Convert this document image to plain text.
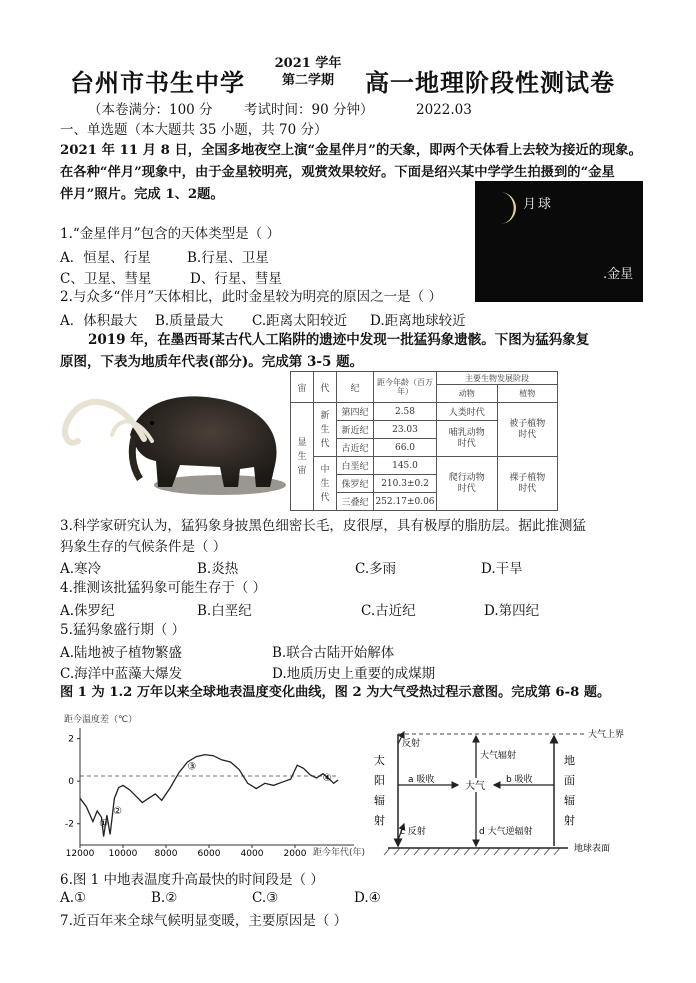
台州市书生中学
2021 学年
第二学期	高一地理阶段性测试卷
（本卷满分：100 分 考试时间：90 分钟）	2022.03
一、单选题（本大题共 35 小题，共 70 分）
2021 年 11 月 8 日，全国多地夜空上演“金星伴月”的天象，即两个天体看上去较为接近的现象。
在各种“伴月”现象中，由于金星较明亮，观赏效果较好。下面是绍兴某中学学生拍摄到的“金星
伴月”照片。完成 1、2题。
月球
.金星
1.“金星伴月”包含的天体类型是（ ）
A．恒星、行星	B.行星、卫星
C、卫星、彗星	D、行星、彗星
2.与众多“伴月”天体相比，此时金星较为明亮的原因之一是（ ）
A．体积最大 B.质量最大 C.距离太阳较近 D.距离地球较近
2019 年，在墨西哥某古代人工陷阱的遗迹中发现一批猛犸象遗骸。下图为猛犸象复
原图，下表为地质年代表(部分)。完成第 3-5 题。
宙	代	纪	距今年龄（百万年）	主要生物发展阶段	
				动物	植物

显生宙	新生代	第四纪	2.58	人类时代	被子植物时代

		新近纪	23.03	哺乳动物时代	

		古近纪	66.0		

	中生代	白垩纪	145.0	爬行动物时代	裸子植物时代

		侏罗纪	210.3±0.2		
		三叠纪	252.17±0.06		
3.科学家研究认为，猛犸象身披黑色细密长毛，皮很厚，具有极厚的脂肪层。据此推测猛
犸象生存的气候条件是（ ）
A.寒冷	B.炎热	C.多雨	D.干旱
4.推测该批猛犸象可能生存于（ ）
A.侏罗纪	B.白垩纪	C.古近纪	D.第四纪
5.猛犸象盛行期（ ）
A.陆地被子植物繁盛	B.联合古陆开始解体
C.海洋中蓝藻大爆发	D.地质历史上重要的成煤期
图 1 为 1.2 万年以来全球地表温度变化曲线，图 2 为大气受热过程示意图。完成第 6-8 题。
距今温度差（℃）
2
0
-2
12000 10000 8000 6000 4000 2000
①
②
③
④
距今年代(年)
大气上界
地球表面
太
阳
辐
射
地
面
辐
射
反射
大气辐射
a 吸收	b 吸收
大气
c 反射	d 大气逆辐射
6.图 1 中地表温度升高最快的时间段是（ ）
A.①	B.②	C.③	D.④
7.近百年来全球气候明显变暖，主要原因是（ ）
